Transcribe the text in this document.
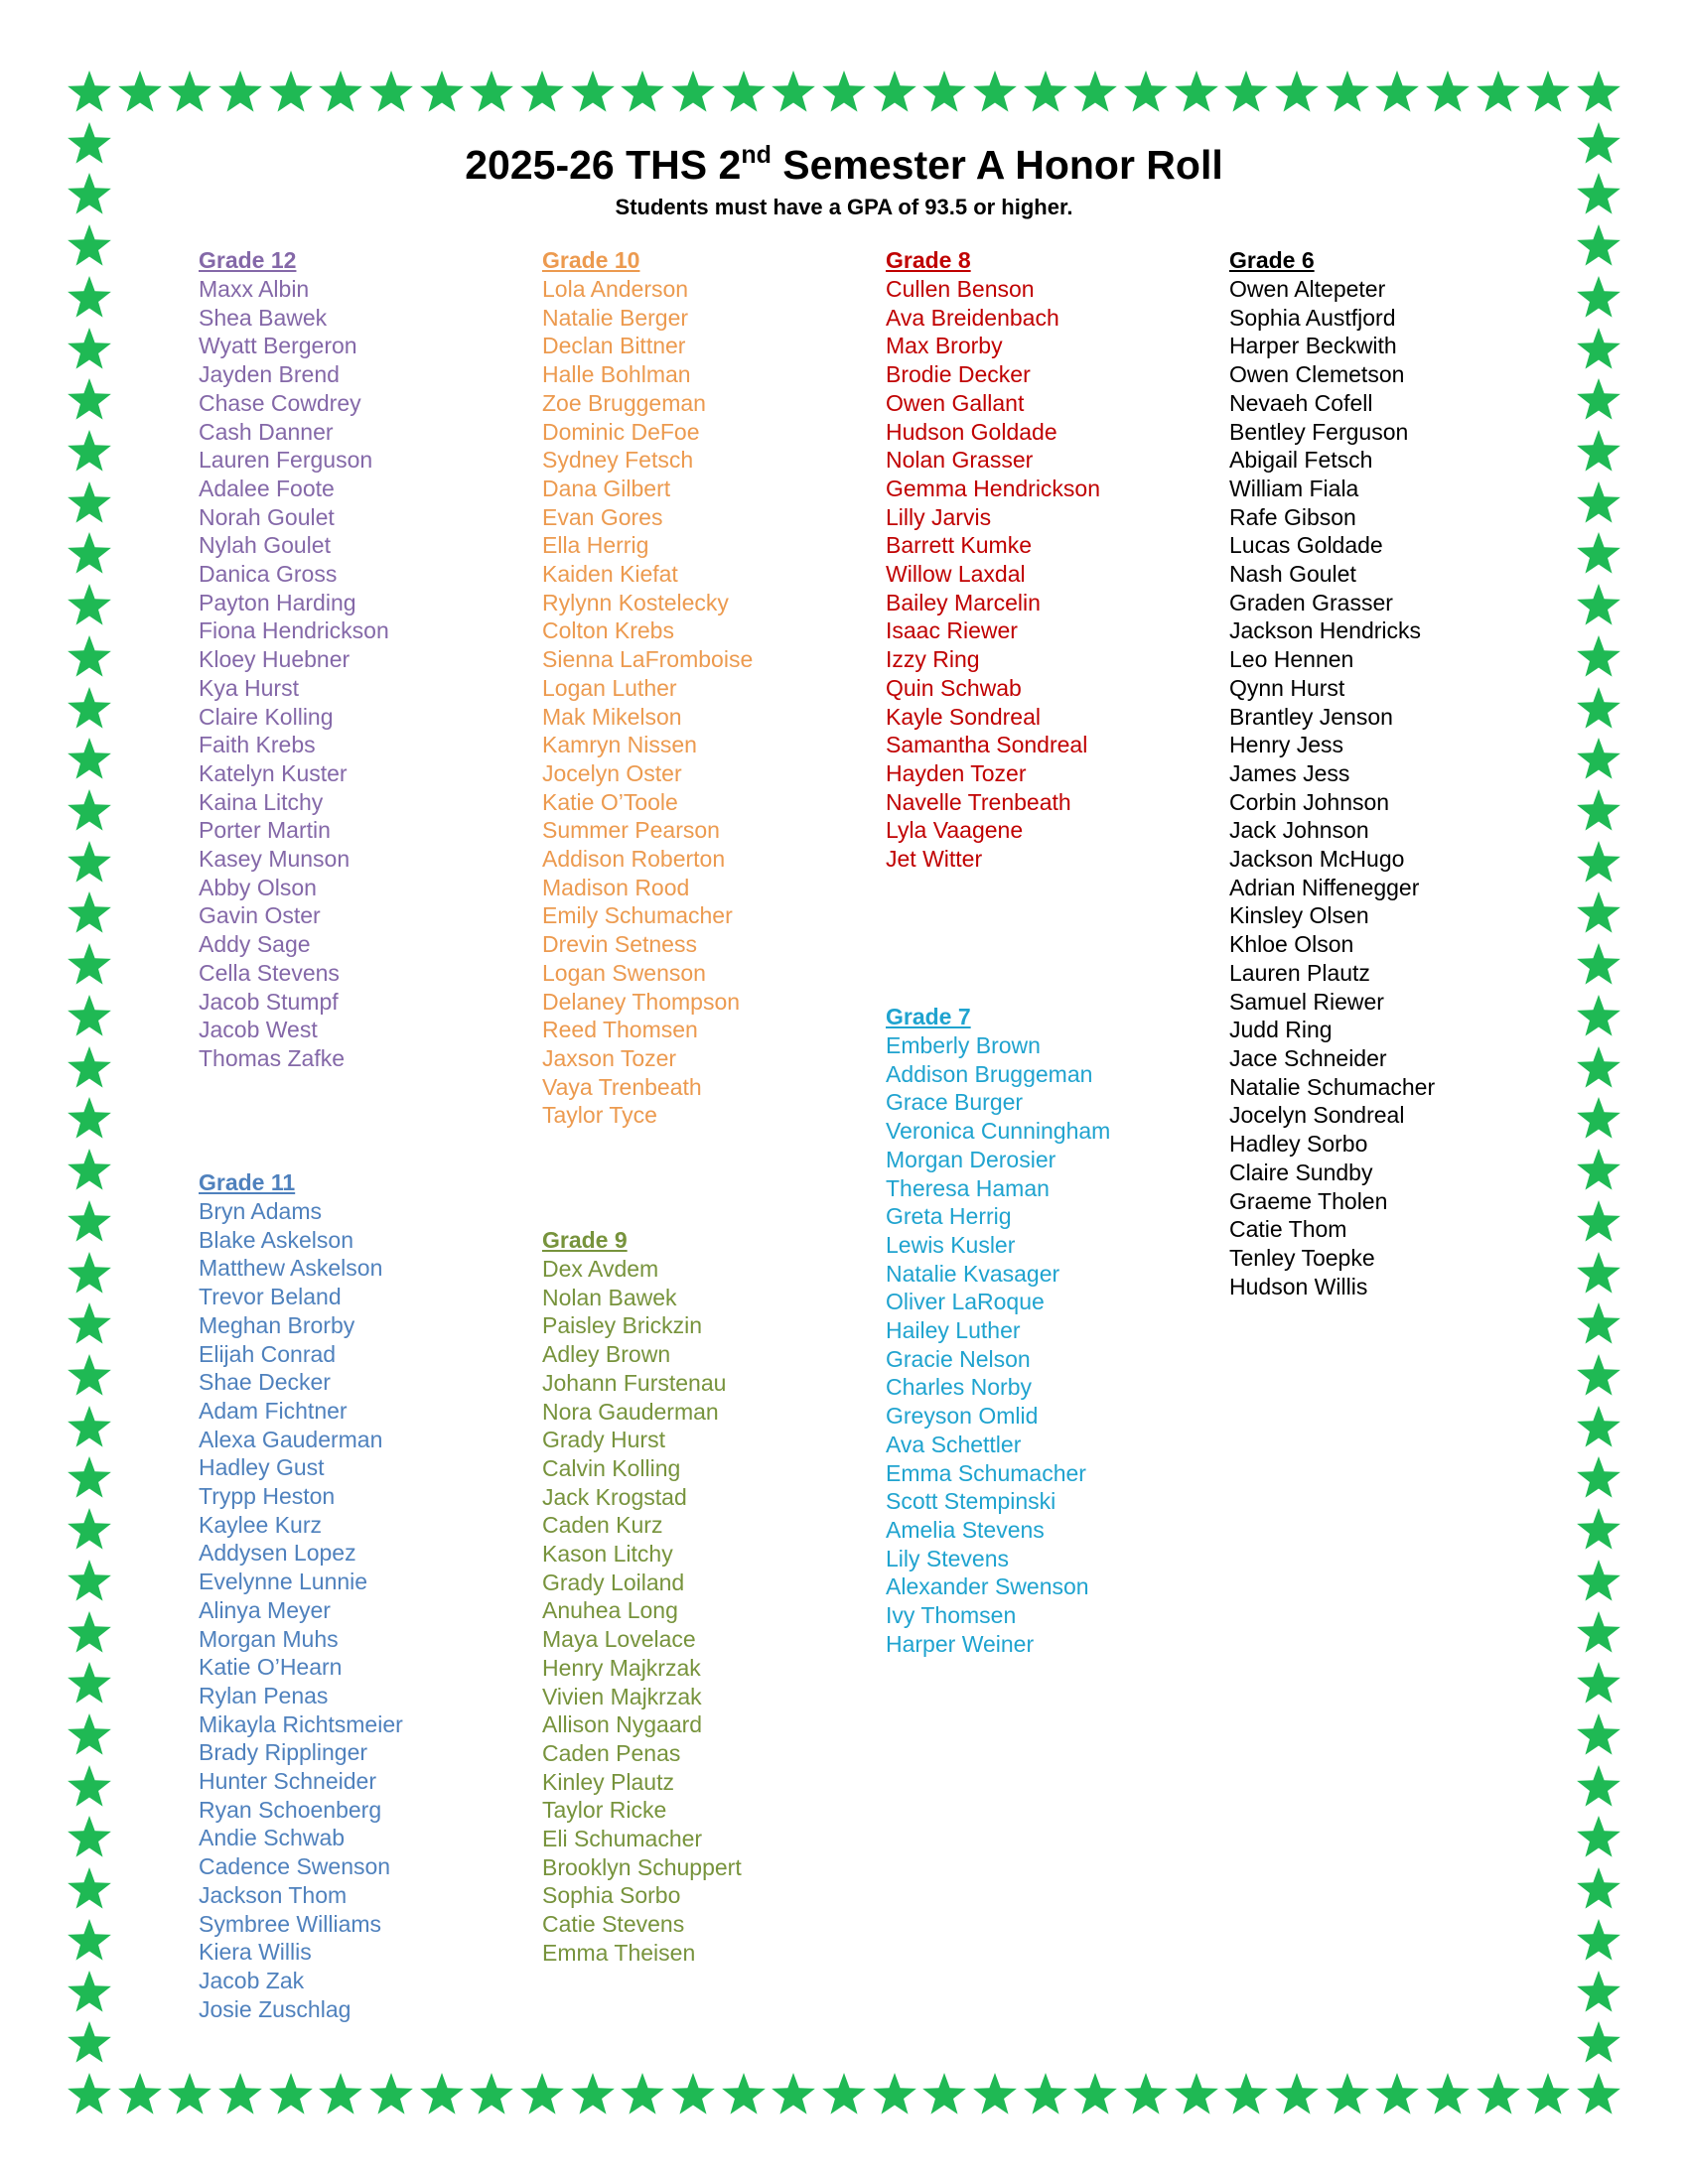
2025-26 THS 2nd Semester A Honor Roll
Students must have a GPA of 93.5 or higher.
Grade 12
Maxx Albin
Shea Bawek
Wyatt Bergeron
Jayden Brend
Chase Cowdrey
Cash Danner
Lauren Ferguson
Adalee Foote
Norah Goulet
Nylah Goulet
Danica Gross
Payton Harding
Fiona Hendrickson
Kloey Huebner
Kya Hurst
Claire Kolling
Faith Krebs
Katelyn Kuster
Kaina Litchy
Porter Martin
Kasey Munson
Abby Olson
Gavin Oster
Addy Sage
Cella Stevens
Jacob Stumpf
Jacob West
Thomas Zafke
Grade 11
Bryn Adams
Blake Askelson
Matthew Askelson
Trevor Beland
Meghan Brorby
Elijah Conrad
Shae Decker
Adam Fichtner
Alexa Gauderman
Hadley Gust
Trypp Heston
Kaylee Kurz
Addysen Lopez
Evelynne Lunnie
Alinya Meyer
Morgan Muhs
Katie O’Hearn
Rylan Penas
Mikayla Richtsmeier
Brady Ripplinger
Hunter Schneider
Ryan Schoenberg
Andie Schwab
Cadence Swenson
Jackson Thom
Symbree Williams
Kiera Willis
Jacob Zak
Josie Zuschlag
Grade 10
Lola Anderson
Natalie Berger
Declan Bittner
Halle Bohlman
Zoe Bruggeman
Dominic DeFoe
Sydney Fetsch
Dana Gilbert
Evan Gores
Ella Herrig
Kaiden Kiefat
Rylynn Kostelecky
Colton Krebs
Sienna LaFromboise
Logan Luther
Mak Mikelson
Kamryn Nissen
Jocelyn Oster
Katie O’Toole
Summer Pearson
Addison Roberton
Madison Rood
Emily Schumacher
Drevin Setness
Logan Swenson
Delaney Thompson
Reed Thomsen
Jaxson Tozer
Vaya Trenbeath
Taylor Tyce
Grade 9
Dex Avdem
Nolan Bawek
Paisley Brickzin
Adley Brown
Johann Furstenau
Nora Gauderman
Grady Hurst
Calvin Kolling
Jack Krogstad
Caden Kurz
Kason Litchy
Grady Loiland
Anuhea Long
Maya Lovelace
Henry Majkrzak
Vivien Majkrzak
Allison Nygaard
Caden Penas
Kinley Plautz
Taylor Ricke
Eli Schumacher
Brooklyn Schuppert
Sophia Sorbo
Catie Stevens
Emma Theisen
Grade 8
Cullen Benson
Ava Breidenbach
Max Brorby
Brodie Decker
Owen Gallant
Hudson Goldade
Nolan Grasser
Gemma Hendrickson
Lilly Jarvis
Barrett Kumke
Willow Laxdal
Bailey Marcelin
Isaac Riewer
Izzy Ring
Quin Schwab
Kayle Sondreal
Samantha Sondreal
Hayden Tozer
Navelle Trenbeath
Lyla Vaagene
Jet Witter
Grade 7
Emberly Brown
Addison Bruggeman
Grace Burger
Veronica Cunningham
Morgan Derosier
Theresa Haman
Greta Herrig
Lewis Kusler
Natalie Kvasager
Oliver LaRoque
Hailey Luther
Gracie Nelson
Charles Norby
Greyson Omlid
Ava Schettler
Emma Schumacher
Scott Stempinski
Amelia Stevens
Lily Stevens
Alexander Swenson
Ivy Thomsen
Harper Weiner
Grade 6
Owen Altepeter
Sophia Austfjord
Harper Beckwith
Owen Clemetson
Nevaeh Cofell
Bentley Ferguson
Abigail Fetsch
William Fiala
Rafe Gibson
Lucas Goldade
Nash Goulet
Graden Grasser
Jackson Hendricks
Leo Hennen
Qynn Hurst
Brantley Jenson
Henry Jess
James Jess
Corbin Johnson
Jack Johnson
Jackson McHugo
Adrian Niffenegger
Kinsley Olsen
Khloe Olson
Lauren Plautz
Samuel Riewer
Judd Ring
Jace Schneider
Natalie Schumacher
Jocelyn Sondreal
Hadley Sorbo
Claire Sundby
Graeme Tholen
Catie Thom
Tenley Toepke
Hudson Willis
